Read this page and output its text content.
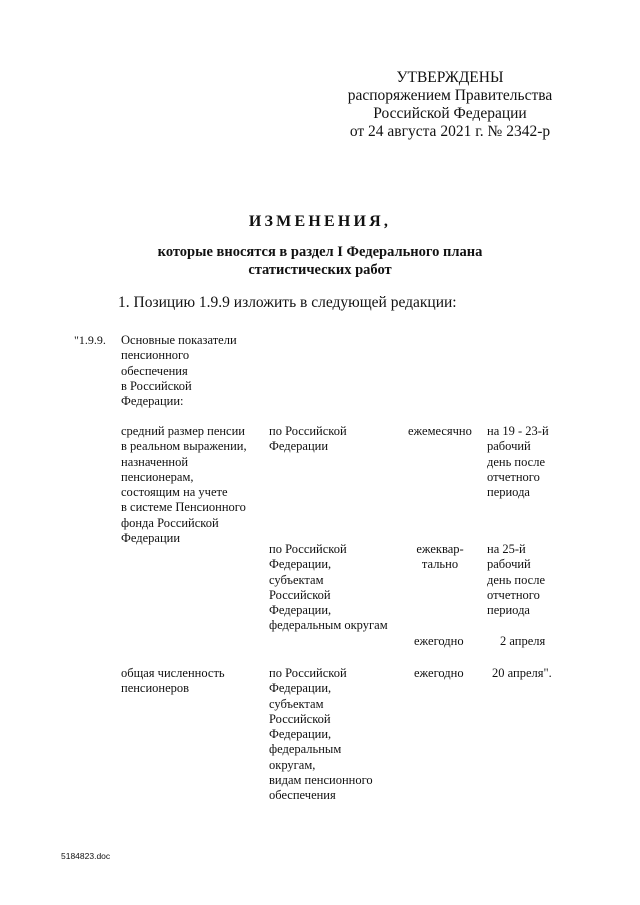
УТВЕРЖДЕНЫ
распоряжением Правительства
Российской Федерации
от 24 августа 2021 г. № 2342-р
ИЗМЕНЕНИЯ,
которые вносятся в раздел I Федерального плана
статистических работ
1. Позицию 1.9.9 изложить в следующей редакции:
"1.9.9. Основные показатели
пенсионного
обеспечения
в Российской
Федерации:
средний размер пенсии
в реальном выражении,
назначенной
пенсионерам,
состоящим на учете
в системе Пенсионного
фонда Российской
Федерации
по Российской
Федерации
ежемесячно на 19 - 23-й
рабочий
день после
отчетного
периода
по Российской
Федерации,
субъектам
Российской
Федерации,
федеральным округам
ежеквар-
тально
на 25-й
рабочий
день после
отчетного
периода
ежегодно	2 апреля
общая численность
пенсионеров
по Российской
Федерации,
субъектам
Российской
Федерации,
федеральным
округам,
видам пенсионного
обеспечения
ежегодно 20 апреля".
5184823.doc
